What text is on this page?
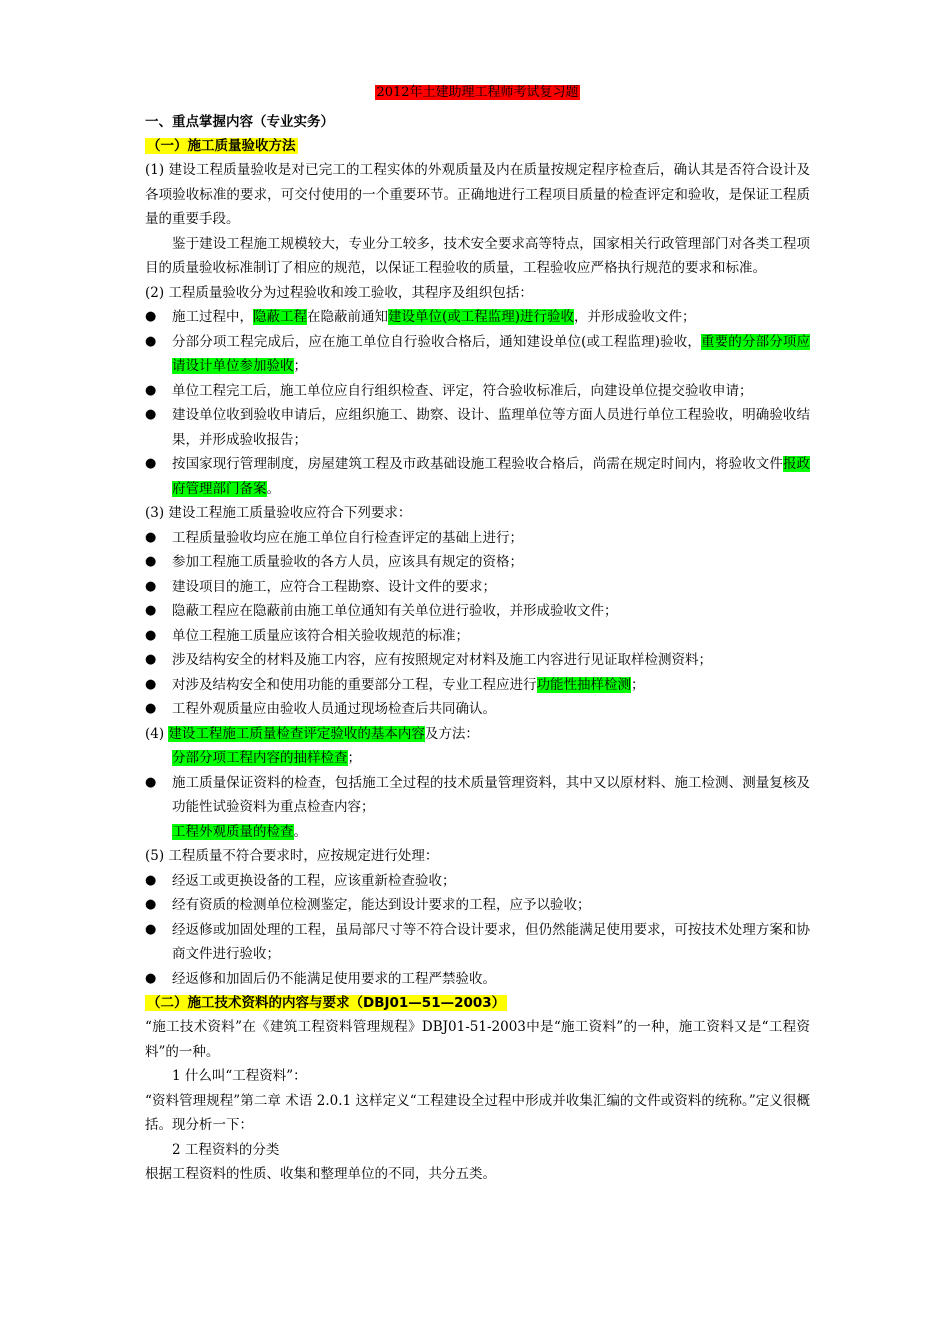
2012年土建助理工程师考试复习题
一、重点掌握内容（专业实务）
（一）施工质量验收方法

(1) 建设工程质量验收是对已完工的工程实体的外观质量及内在质量按规定程序检查后，确认其是否符合设计及各项验收标准的要求，可交付使用的一个重要环节。正确地进行工程项目质量的检查评定和验收，是保证工程质量的重要手段。

鉴于建设工程施工规模较大，专业分工较多，技术安全要求高等特点，国家相关行政管理部门对各类工程项目的质量验收标准制订了相应的规范，以保证工程验收的质量，工程验收应严格执行规范的要求和标准。

(2) 工程质量验收分为过程验收和竣工验收，其程序及组织包括：

● 施工过程中，隐蔽工程在隐蔽前通知建设单位(或工程监理)进行验收，并形成验收文件；

● 分部分项工程完成后，应在施工单位自行验收合格后，通知建设单位(或工程监理)验收，重要的分部分项应请设计单位参加验收；

● 单位工程完工后，施工单位应自行组织检查、评定，符合验收标准后，向建设单位提交验收申请；

● 建设单位收到验收申请后，应组织施工、勘察、设计、监理单位等方面人员进行单位工程验收，明确验收结果，并形成验收报告；

● 按国家现行管理制度，房屋建筑工程及市政基础设施工程验收合格后，尚需在规定时间内，将验收文件报政府管理部门备案。

(3) 建设工程施工质量验收应符合下列要求：

● 工程质量验收均应在施工单位自行检查评定的基础上进行；

● 参加工程施工质量验收的各方人员，应该具有规定的资格；

● 建设项目的施工，应符合工程勘察、设计文件的要求；

● 隐蔽工程应在隐蔽前由施工单位通知有关单位进行验收，并形成验收文件；

● 单位工程施工质量应该符合相关验收规范的标准；

● 涉及结构安全的材料及施工内容，应有按照规定对材料及施工内容进行见证取样检测资料；

● 对涉及结构安全和使用功能的重要部分工程，专业工程应进行功能性抽样检测；

● 工程外观质量应由验收人员通过现场检查后共同确认。

(4) 建设工程施工质量检查评定验收的基本内容及方法：

分部分项工程内容的抽样检查；

● 施工质量保证资料的检查，包括施工全过程的技术质量管理资料，其中又以原材料、施工检测、测量复核及功能性试验资料为重点检查内容；

工程外观质量的检查。

(5) 工程质量不符合要求时，应按规定进行处理：

● 经返工或更换设备的工程，应该重新检查验收；

● 经有资质的检测单位检测鉴定，能达到设计要求的工程，应予以验收；

● 经返修或加固处理的工程，虽局部尺寸等不符合设计要求，但仍然能满足使用要求，可按技术处理方案和协商文件进行验收；

● 经返修和加固后仍不能满足使用要求的工程严禁验收。

（二）施工技术资料的内容与要求（DBJ01—51—2003）

“施工技术资料”在《建筑工程资料管理规程》DBJ01-51-2003中是“施工资料”的一种，施工资料又是“工程资料”的一种。

1 什么叫“工程资料”：

“资料管理规程”第二章 术语 2.0.1 这样定义“工程建设全过程中形成并收集汇编的文件或资料的统称。”定义很概括。现分析一下：

2 工程资料的分类

根据工程资料的性质、收集和整理单位的不同，共分五类。
